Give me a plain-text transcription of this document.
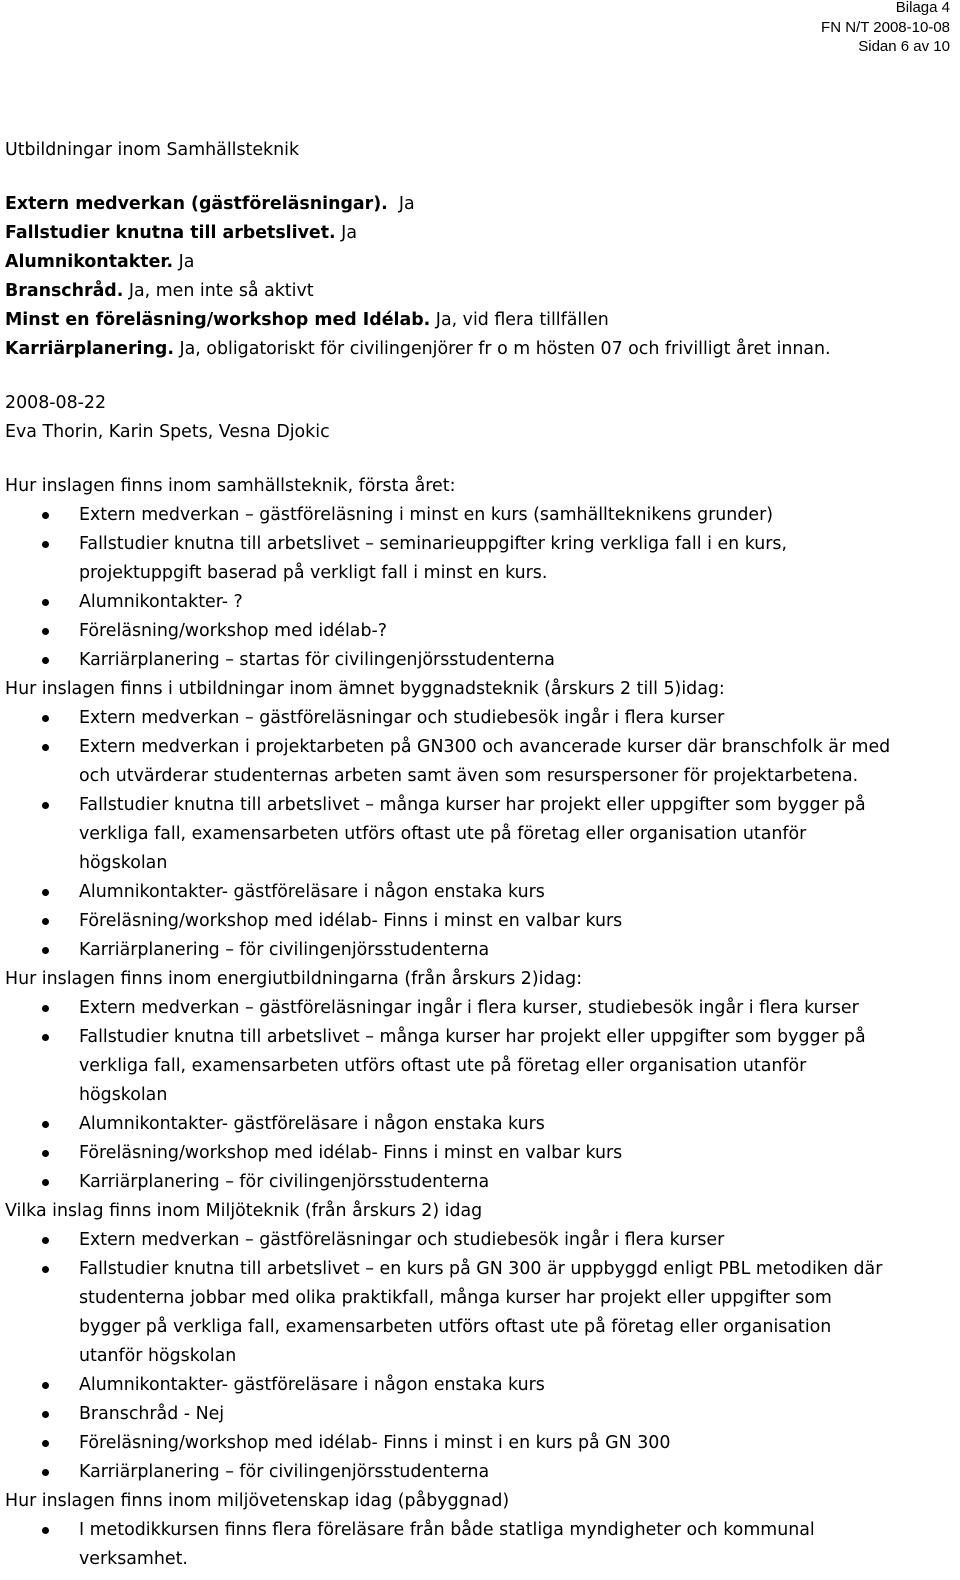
Bilaga 4
FN N/T 2008-10-08
Sidan 6 av 10
Utbildningar inom Samhällsteknik
Extern medverkan (gästföreläsningar).  Ja
Fallstudier knutna till arbetslivet. Ja
Alumnikontakter. Ja
Branschråd. Ja, men inte så aktivt
Minst en föreläsning/workshop med Idélab. Ja, vid flera tillfällen
Karriärplanering. Ja, obligatoriskt för civilingenjörer fr o m hösten 07 och frivilligt året innan.
2008-08-22
Eva Thorin, Karin Spets, Vesna Djokic
Hur inslagen finns inom samhällsteknik, första året:
Extern medverkan – gästföreläsning i minst en kurs (samhällteknikens grunder)
Fallstudier knutna till arbetslivet – seminarieuppgifter kring verkliga fall i en kurs,
projektuppgift baserad på verkligt fall i minst en kurs.
Alumnikontakter- ?
Föreläsning/workshop med idélab-?
Karriärplanering – startas för civilingenjörsstudenterna
Hur inslagen finns i utbildningar inom ämnet byggnadsteknik (årskurs 2 till 5)idag:
Extern medverkan – gästföreläsningar och studiebesök ingår i flera kurser
Extern medverkan i projektarbeten på GN300 och avancerade kurser där branschfolk är med
och utvärderar studenternas arbeten samt även som resurspersoner för projektarbetena.
Fallstudier knutna till arbetslivet – många kurser har projekt eller uppgifter som bygger på
verkliga fall, examensarbeten utförs oftast ute på företag eller organisation utanför
högskolan
Alumnikontakter- gästföreläsare i någon enstaka kurs
Föreläsning/workshop med idélab- Finns i minst en valbar kurs
Karriärplanering – för civilingenjörsstudenterna
Hur inslagen finns inom energiutbildningarna (från årskurs 2)idag:
Extern medverkan – gästföreläsningar ingår i flera kurser, studiebesök ingår i flera kurser
Fallstudier knutna till arbetslivet – många kurser har projekt eller uppgifter som bygger på
verkliga fall, examensarbeten utförs oftast ute på företag eller organisation utanför
högskolan
Alumnikontakter- gästföreläsare i någon enstaka kurs
Föreläsning/workshop med idélab- Finns i minst en valbar kurs
Karriärplanering – för civilingenjörsstudenterna
Vilka inslag finns inom Miljöteknik (från årskurs 2) idag
Extern medverkan – gästföreläsningar och studiebesök ingår i flera kurser
Fallstudier knutna till arbetslivet – en kurs på GN 300 är uppbyggd enligt PBL metodiken där
studenterna jobbar med olika praktikfall, många kurser har projekt eller uppgifter som
bygger på verkliga fall, examensarbeten utförs oftast ute på företag eller organisation
utanför högskolan
Alumnikontakter- gästföreläsare i någon enstaka kurs
Branschråd - Nej
Föreläsning/workshop med idélab- Finns i minst i en kurs på GN 300
Karriärplanering – för civilingenjörsstudenterna
Hur inslagen finns inom miljövetenskap idag (påbyggnad)
I metodikkursen finns flera föreläsare från både statliga myndigheter och kommunal
verksamhet.
